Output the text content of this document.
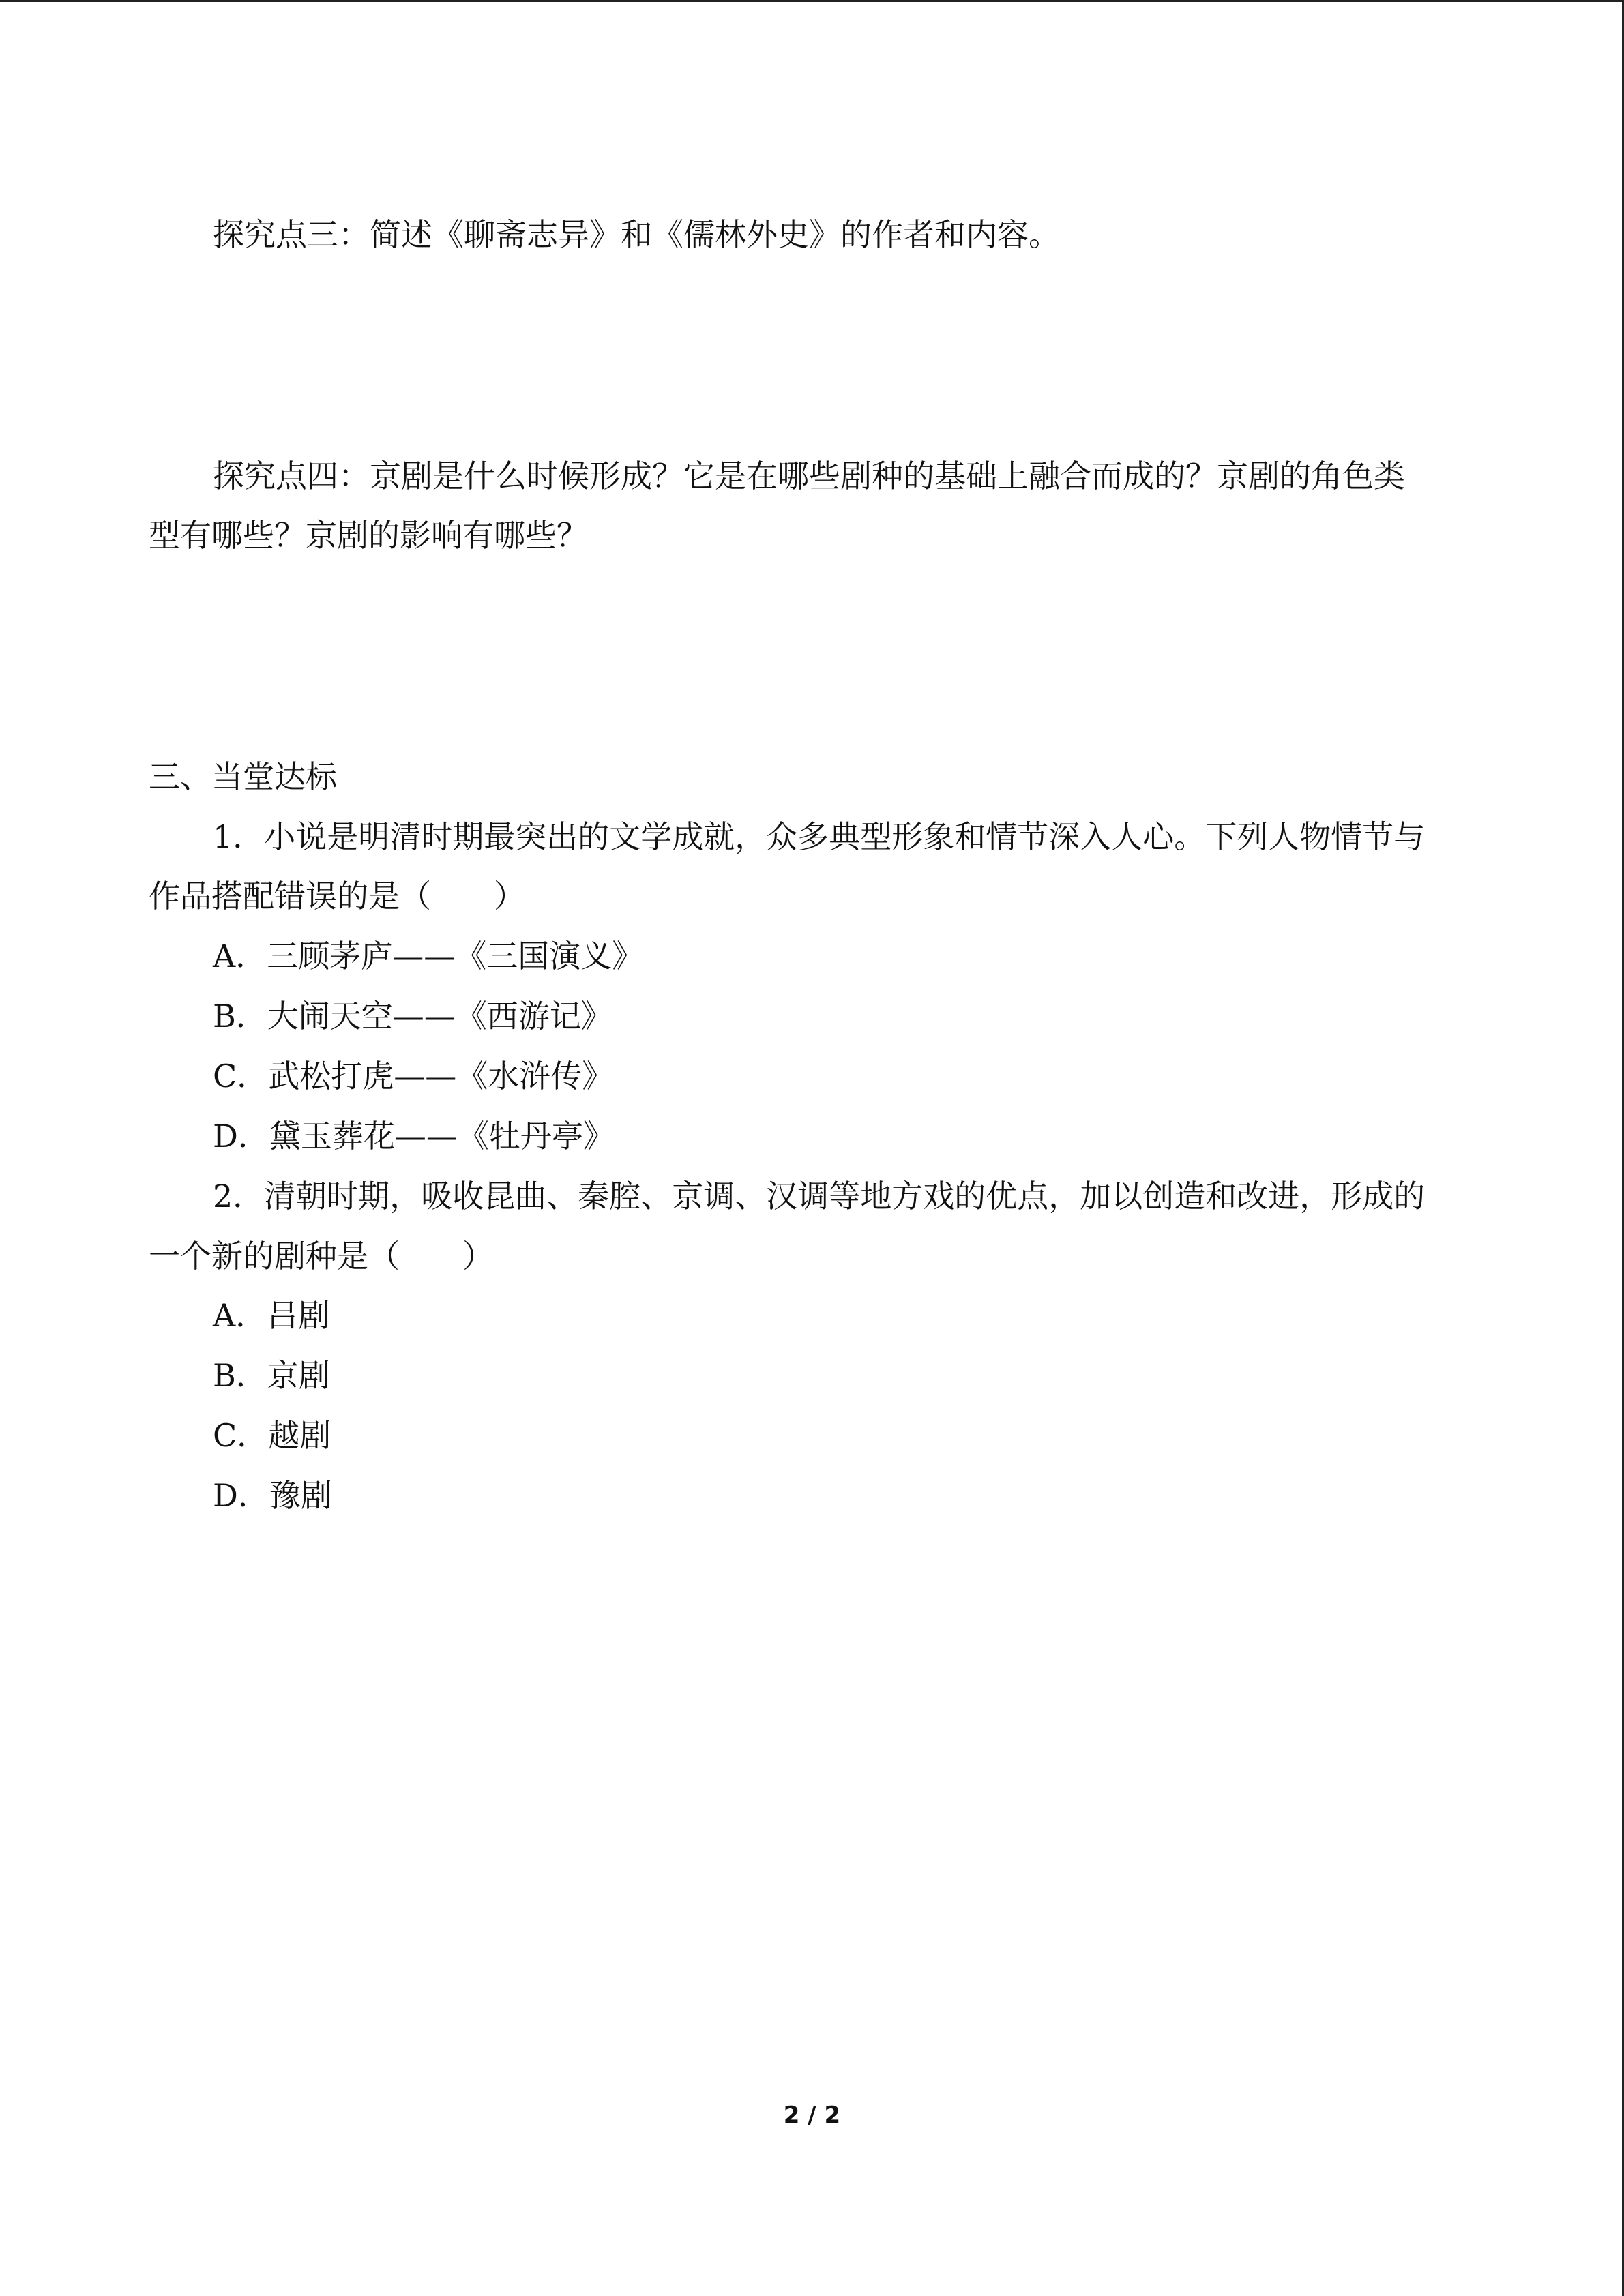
探究点三：简述《聊斋志异》和《儒林外史》的作者和内容。

探究点四：京剧是什么时候形成？它是在哪些剧种的基础上融合而成的？京剧的角色类

型有哪些？京剧的影响有哪些？

三、当堂达标

1．小说是明清时期最突出的文学成就，众多典型形象和情节深入人心。下列人物情节与

作品搭配错误的是（　　）

A．三顾茅庐——《三国演义》

B．大闹天空——《西游记》

C．武松打虎——《水浒传》

D．黛玉葬花——《牡丹亭》

2．清朝时期，吸收昆曲、秦腔、京调、汉调等地方戏的优点，加以创造和改进，形成的

一个新的剧种是（　　）

A．吕剧

B．京剧

C．越剧

D．豫剧

2 / 2
